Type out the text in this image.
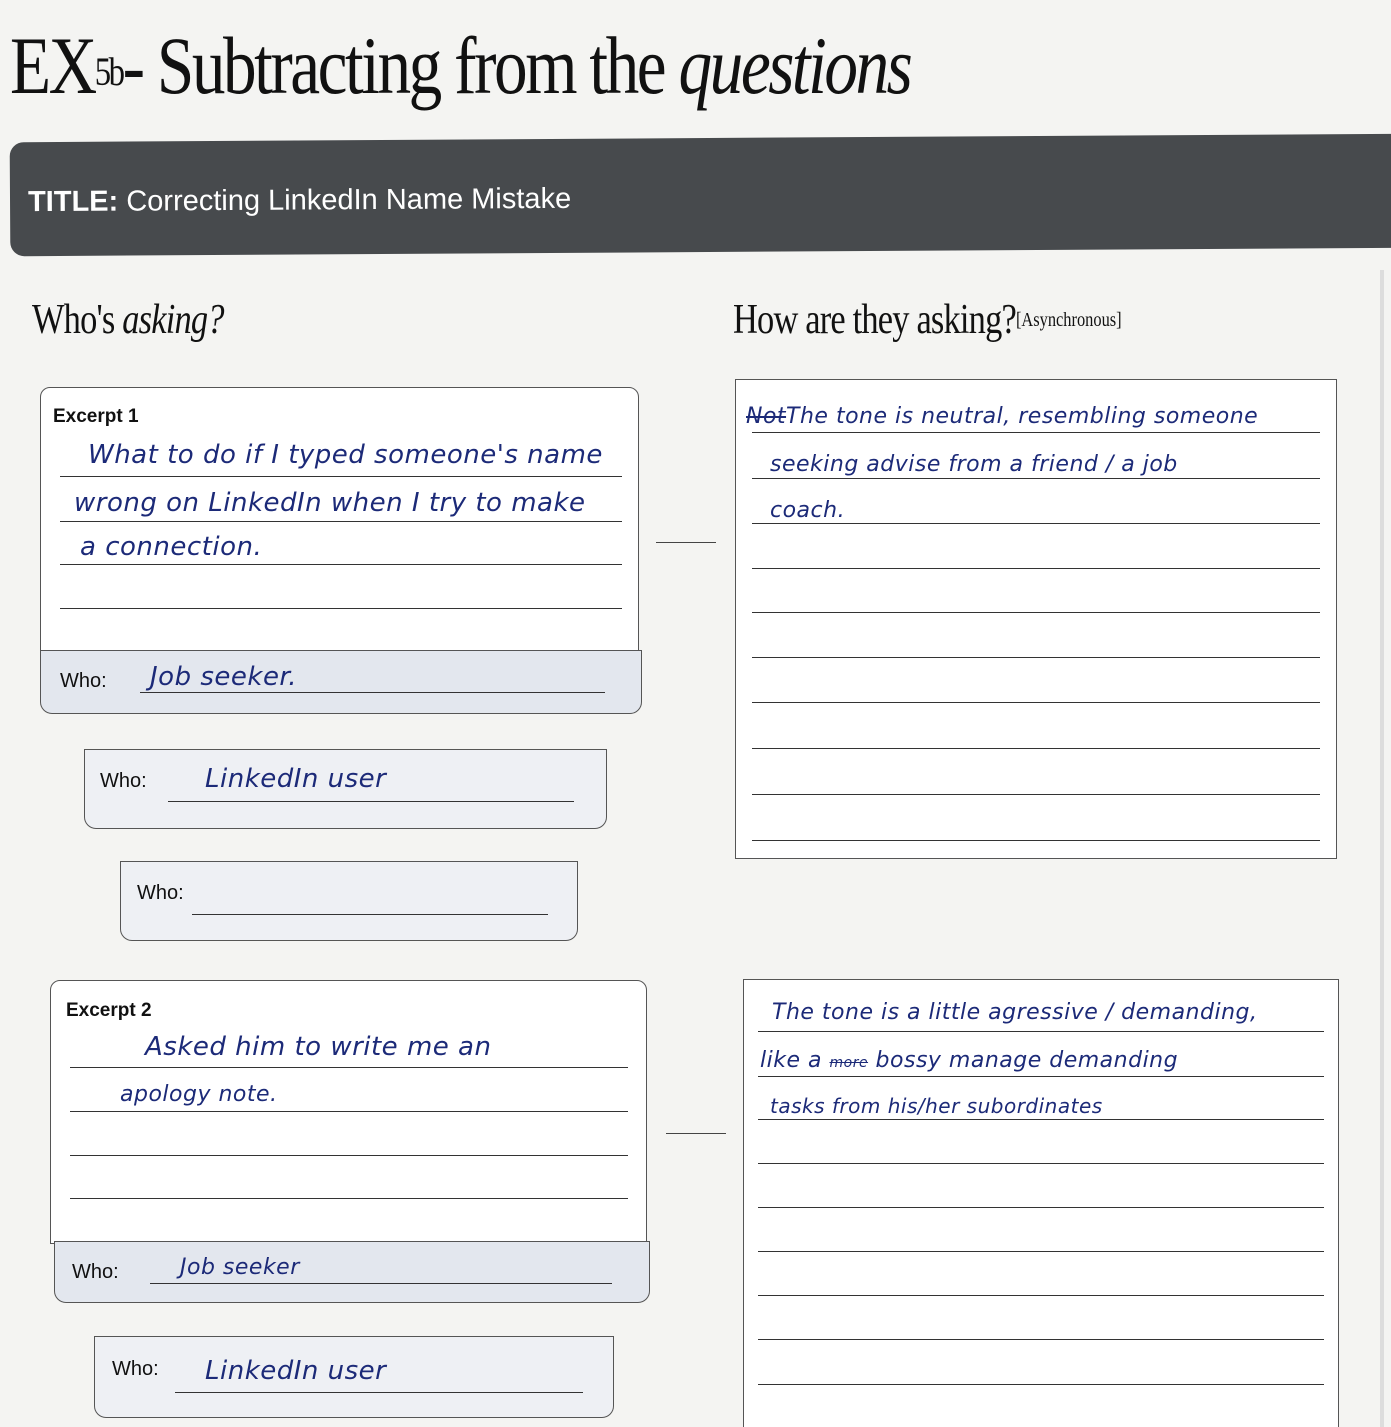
$EX^{5b}-$ Subtracting from the questions
TITLE: Correcting LinkedIn Name Mistake
Who's asking?	How are they asking?[Asynchronous]
Excerpt 1
What to do if I typed someone's name
wrong on LinkedIn when I try to make
a connection.
Who: Job seeker.
Who: LinkedIn user
Who:
NotThe tone is neutral, resembling someone
seeking advise from a friend / a job
coach.
Excerpt 2
Asked him to write me an
apology note.
Who:	Job seeker
Who: LinkedIn user
The tone is a little agressive / demanding,
like a more bossy manage demanding
tasks from his/her subordinates
